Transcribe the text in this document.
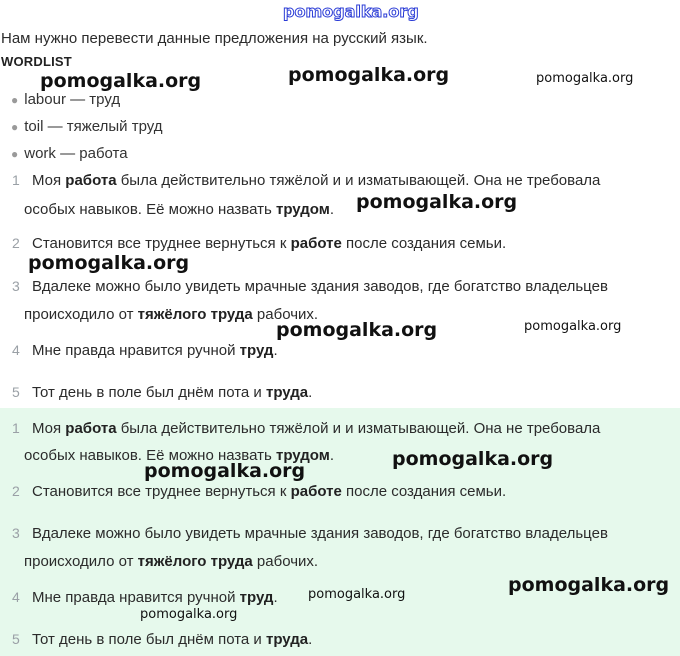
pomogalka.org
pomogalka.org	pomogalka.org	pomogalka.org
pomogalka.org
pomogalka.org
pomogalka.org	pomogalka.org
Нам нужно перевести данные предложения на русский язык.
WORDLIST
● labour — труд
● toil — тяжелый труд
● work — работа
1 Моя работа была действительно тяжёлой и и изматывающей. Она не требовала
особых навыков. Её можно назвать трудом.
2 Становится все труднее вернуться к работе после создания семьи.
3 Вдалеке можно было увидеть мрачные здания заводов, где богатство владельцев
происходило от тяжёлого труда рабочих.
4 Мне правда нравится ручной труд.
5 Тот день в поле был днём пота и труда.
1 Моя работа была действительно тяжёлой и и изматывающей. Она не требовала
особых навыков. Её можно назвать трудом.
2 Становится все труднее вернуться к работе после создания семьи.
3 Вдалеке можно было увидеть мрачные здания заводов, где богатство владельцев
происходило от тяжёлого труда рабочих.
4 Мне правда нравится ручной труд.
5 Тот день в поле был днём пота и труда.
pomogalka.org
pomogalka.org
pomogalka.org	pomogalka.org
pomogalka.org
